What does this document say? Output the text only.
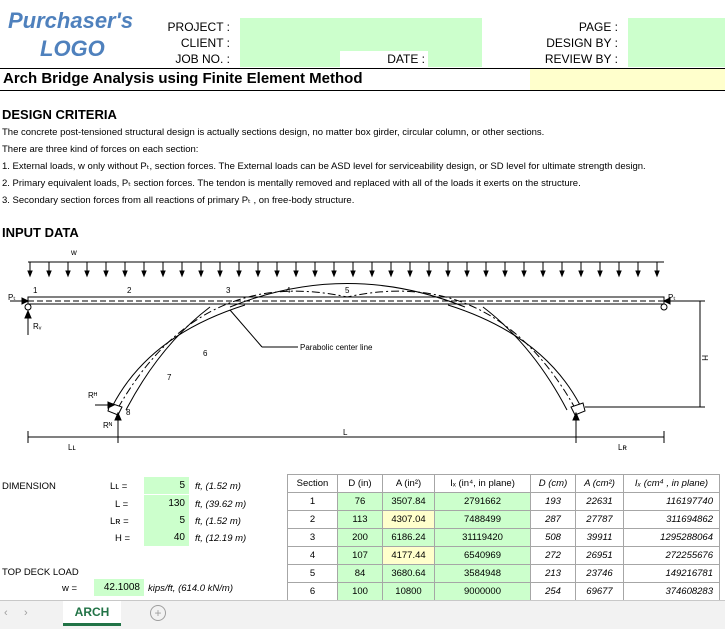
Purchaser's
LOGO
PROJECT :
CLIENT :
JOB NO. :	DATE :
PAGE :
DESIGN BY :
REVIEW BY :
Arch Bridge Analysis using Finite Element Method
DESIGN CRITERIA
The concrete post-tensioned structural design is actually sections design, no matter box girder, circular column, or other sections.
There are three kind of forces on each section:
1. External loads, w only without Pₜ, section forces. The External loads can be ASD level for serviceability design, or SD level for ultimate strength design.
2. Primary equivalent loads, Pₜ section forces. The tendon is mentally removed and replaced with all of the loads it exerts on the structure.
3. Secondary section forces from all reactions of primary Pₜ , on free-body structure.
INPUT DATA
w
Pₜ	Pₜ
1	2	3	4	5
6
7
8
Rᵥ
Rᴴ
Rᴺ
Parabolic center line
Lʟ
L
Lʀ
H
DIMENSION	Lʟ =	5	ft, (1.52 m)
L =	130	ft, (39.62 m)
Lʀ =	5	ft, (1.52 m)
H =	40	ft, (12.19 m)
TOP DECK LOAD
w =	42.1008 kips/ft, (614.0 kN/m)
Section	D (in)	A (in²)	Iₓ (in⁴, in plane)	D (cm)	A (cm²)	Iₓ (cm⁴ , in plane)
1	76	3507.84	2791662	193	22631	116197740
2	113	4307.04	7488499	287	27787	311694862
3	200	6186.24	31119420	508	39911	1295288064
4	107	4177.44	6540969	272	26951	272255676
5	84	3680.64	3584948	213	23746	149216781
6	100	10800	9000000	254	69677	374608283
‹ ›	ARCH	+
